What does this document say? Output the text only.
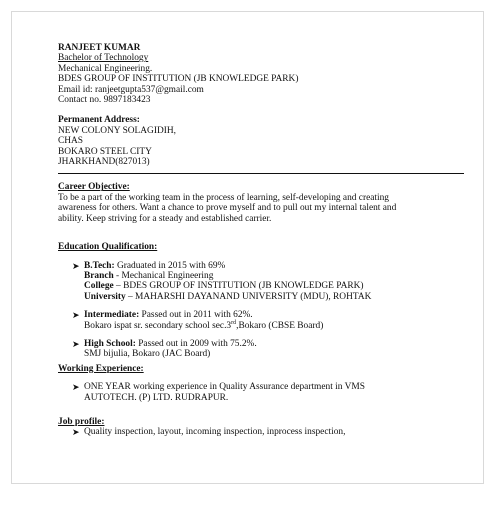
RANJEET KUMAR
Bachelor of Technology
Mechanical Engineering.
BDES GROUP OF INSTITUTION (JB KNOWLEDGE PARK)
Email id: ranjeetgupta537@gmail.com
Contact no. 9897183423
Permanent Address:
NEW COLONY SOLAGIDIH,
CHAS
BOKARO STEEL CITY
JHARKHAND(827013)
Career Objective:
To be a part of the working team in the process of learning, self-developing and creating awareness for others. Want a chance to prove myself and to pull out my internal talent and ability. Keep striving for a steady and established carrier.
Education Qualification:
➤ B.Tech: Graduated in 2015 with 69%
Branch - Mechanical Engineering
College – BDES GROUP OF INSTITUTION (JB KNOWLEDGE PARK)
University – MAHARSHI DAYANAND UNIVERSITY (MDU), ROHTAK
➤ Intermediate: Passed out in 2011 with 62%.
Bokaro ispat sr. secondary school sec.3rd,Bokaro (CBSE Board)
➤ High School: Passed out in 2009 with 75.2%.
SMJ bijulia, Bokaro (JAC Board)
Working Experience:
➤ ONE YEAR working experience in Quality Assurance department in VMS
AUTOTECH. (P) LTD. RUDRAPUR.
Job profile:
➤ Quality inspection, layout, incoming inspection, inprocess inspection,
